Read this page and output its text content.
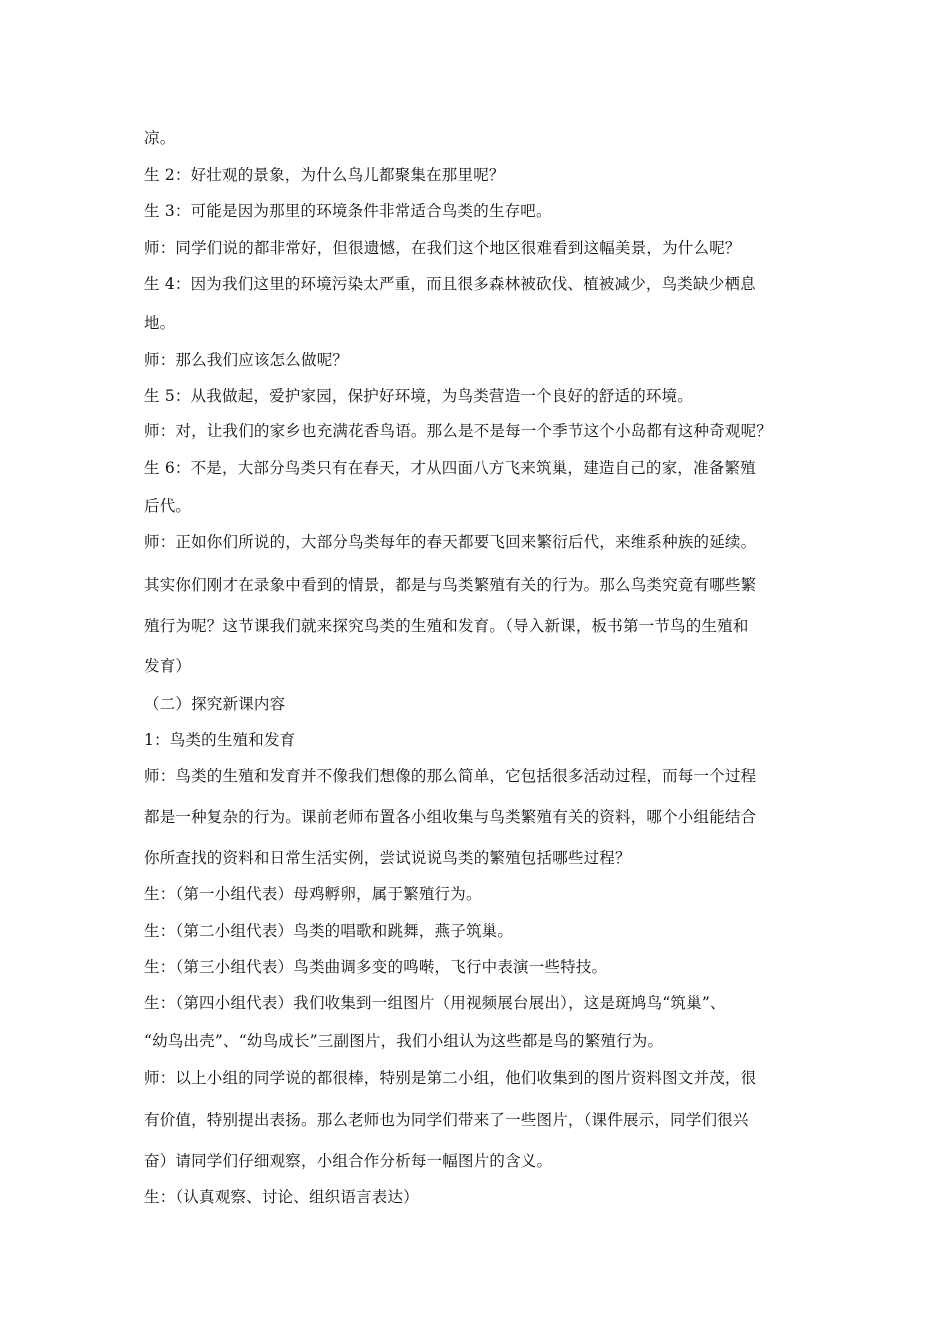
凉。
生 2：好壮观的景象，为什么鸟儿都聚集在那里呢？
生 3：可能是因为那里的环境条件非常适合鸟类的生存吧。
师：同学们说的都非常好，但很遗憾，在我们这个地区很难看到这幅美景，为什么呢？
生 4：因为我们这里的环境污染太严重，而且很多森林被砍伐、植被减少，鸟类缺少栖息
地。
师：那么我们应该怎么做呢？
生 5：从我做起，爱护家园，保护好环境，为鸟类营造一个良好的舒适的环境。
师：对，让我们的家乡也充满花香鸟语。那么是不是每一个季节这个小岛都有这种奇观呢？
生 6：不是，大部分鸟类只有在春天，才从四面八方飞来筑巢，建造自己的家，准备繁殖
后代。
师：正如你们所说的，大部分鸟类每年的春天都要飞回来繁衍后代，来维系种族的延续。
其实你们刚才在录象中看到的情景，都是与鸟类繁殖有关的行为。那么鸟类究竟有哪些繁
殖行为呢？这节课我们就来探究鸟类的生殖和发育。（导入新课，板书第一节鸟的生殖和
发育）
（二）探究新课内容
1：鸟类的生殖和发育
师：鸟类的生殖和发育并不像我们想像的那么简单，它包括很多活动过程，而每一个过程
都是一种复杂的行为。课前老师布置各小组收集与鸟类繁殖有关的资料，哪个小组能结合
你所查找的资料和日常生活实例，尝试说说鸟类的繁殖包括哪些过程？
生：（第一小组代表）母鸡孵卵，属于繁殖行为。
生：（第二小组代表）鸟类的唱歌和跳舞，燕子筑巢。
生：（第三小组代表）鸟类曲调多变的鸣啭，飞行中表演一些特技。
生：（第四小组代表）我们收集到一组图片（用视频展台展出），这是斑鸠鸟“筑巢”、
“幼鸟出壳”、“幼鸟成长”三副图片，我们小组认为这些都是鸟的繁殖行为。
师：以上小组的同学说的都很棒，特别是第二小组，他们收集到的图片资料图文并茂，很
有价值，特别提出表扬。那么老师也为同学们带来了一些图片，（课件展示，同学们很兴
奋）请同学们仔细观察，小组合作分析每一幅图片的含义。
生：（认真观察、讨论、组织语言表达）
